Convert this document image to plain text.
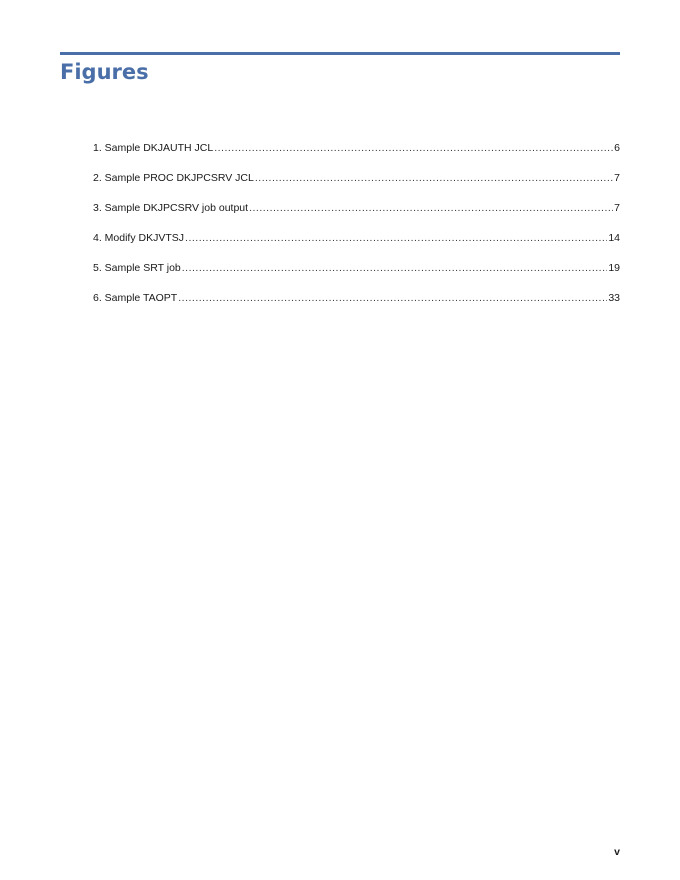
Figures
1. Sample DKJAUTH JCL .....	6
2. Sample PROC DKJPCSRV JCL .....	7
3. Sample DKJPCSRV job output .....	7
4. Modify DKJVTSJ .....	14
5. Sample SRT job .....	19
6. Sample TAOPT .....	33
v
